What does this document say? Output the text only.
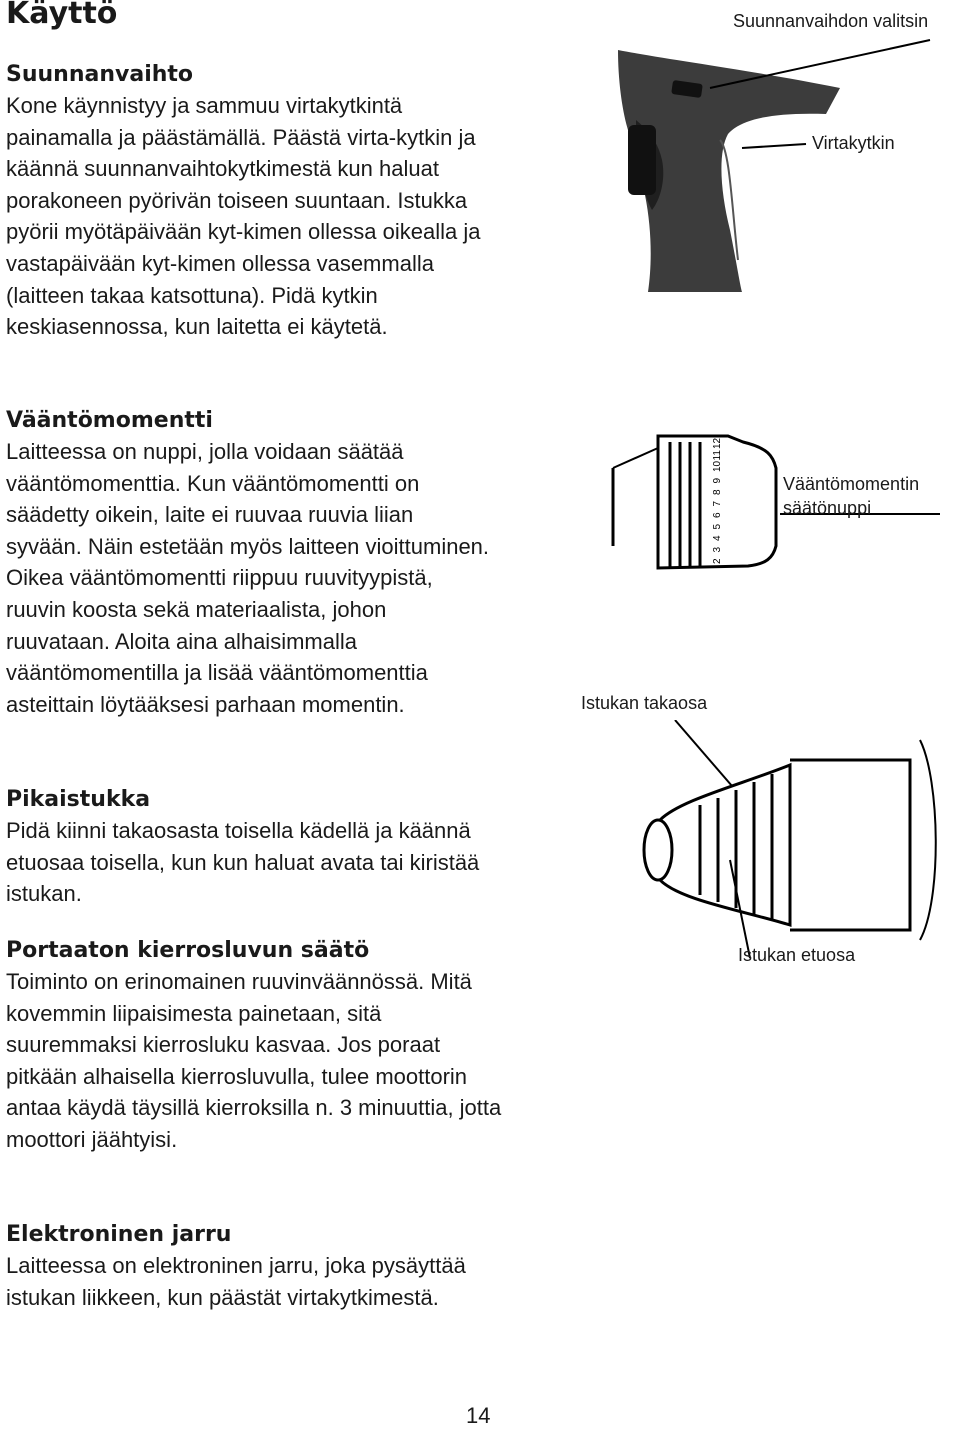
Käyttö
Suunnanvaihto

Kone käynnistyy ja sammuu virtakytkintä painamalla ja päästämällä. Päästä virta-kytkin ja käännä suunnanvaihtokytkimestä kun haluat porakoneen pyörivän toiseen suuntaan. Istukka pyörii myötäpäivään kyt-kimen ollessa oikealla ja vastapäivään kyt-kimen ollessa vasemmalla (laitteen takaa katsottuna). Pidä kytkin keskiasennossa, kun laitetta ei käytetä.

Vääntömomentti

Laitteessa on nuppi, jolla voidaan säätää vääntömomenttia. Kun vääntömomentti on säädetty oikein, laite ei ruuvaa ruuvia liian syvään. Näin estetään myös laitteen vioittuminen. Oikea vääntömomentti riippuu ruuvityypistä, ruuvin koosta sekä materiaalista, johon ruuvataan. Aloita aina alhaisimmalla vääntömomentilla ja lisää vääntömomenttia asteittain löytääksesi parhaan momentin.

Pikaistukka

Pidä kiinni takaosasta toisella kädellä ja käännä etuosaa toisella, kun kun haluat avata tai kiristää istukan.

Portaaton kierrosluvun säätö

Toiminto on erinomainen ruuvinväännössä. Mitä kovemmin liipaisimesta painetaan, sitä suuremmaksi kierrosluku kasvaa. Jos poraat pitkään alhaisella kierrosluvulla, tulee moottorin antaa käydä täysillä kierroksilla n. 3 minuuttia, jotta moottori jäähtyisi.

Elektroninen jarru

Laitteessa on elektroninen jarru, joka pysäyttää istukan liikkeen, kun päästät virtakytkimestä.

Suunnanvaihdon valitsin
Virtakytkin
2
3
4
5
6
7
8
9
10
11
12
Vääntömomentin
säätönuppi
Istukan takaosa
Istukan etuosa
14
